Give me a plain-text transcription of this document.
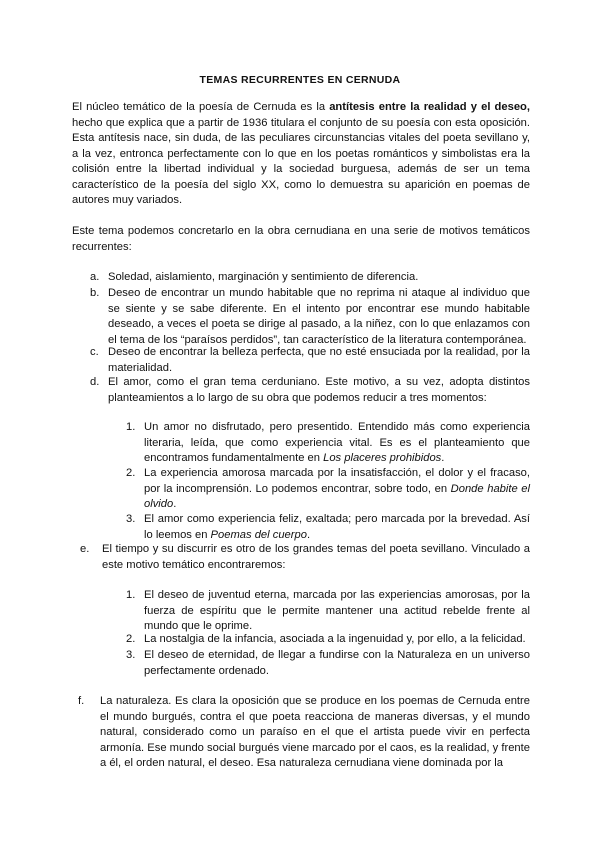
TEMAS RECURRENTES EN CERNUDA
El núcleo temático de la poesía de Cernuda es la antítesis entre la realidad y el deseo, hecho que explica que a partir de 1936 titulara el conjunto de su poesía con esta oposición. Esta antítesis nace, sin duda, de las peculiares circunstancias vitales del poeta sevillano y, a la vez, entronca perfectamente con lo que en los poetas románticos y simbolistas era la colisión entre la libertad individual y la sociedad burguesa, además de ser un tema característico de la poesía del siglo XX, como lo demuestra su aparición en poemas de autores muy variados.
Este tema podemos concretarlo en la obra cernudiana en una serie de motivos temáticos recurrentes:
a. Soledad, aislamiento, marginación y sentimiento de diferencia.
b. Deseo de encontrar un mundo habitable que no reprima ni ataque al individuo que se siente y se sabe diferente. En el intento por encontrar ese mundo habitable deseado, a veces el poeta se dirige al pasado, a la niñez, con lo que enlazamos con el tema de los “paraísos perdidos”, tan característico de la literatura contemporánea.
c. Deseo de encontrar la belleza perfecta, que no esté ensuciada por la realidad, por la materialidad.
d. El amor, como el gran tema cerduniano. Este motivo, a su vez, adopta distintos planteamientos a lo largo de su obra que podemos reducir a tres momentos:
1. Un amor no disfrutado, pero presentido. Entendido más como experiencia literaria, leída, que como experiencia vital. Es es el planteamiento que encontramos fundamentalmente en Los placeres prohibidos.
2. La experiencia amorosa marcada por la insatisfacción, el dolor y el fracaso, por la incomprensión. Lo podemos encontrar, sobre todo, en Donde habite el olvido.
3. El amor como experiencia feliz, exaltada; pero marcada por la brevedad. Así lo leemos en Poemas del cuerpo.
e. El tiempo y su discurrir es otro de los grandes temas del poeta sevillano. Vinculado a este motivo temático encontraremos:
1. El deseo de juventud eterna, marcada por las experiencias amorosas, por la fuerza de espíritu que le permite mantener una actitud rebelde frente al mundo que le oprime.
2. La nostalgia de la infancia, asociada a la ingenuidad y, por ello, a la felicidad.
3. El deseo de eternidad, de llegar a fundirse con la Naturaleza en un universo perfectamente ordenado.
f. La naturaleza. Es clara la oposición que se produce en los poemas de Cernuda entre el mundo burgués, contra el que poeta reacciona de maneras diversas, y el mundo natural, considerado como un paraíso en el que el artista puede vivir en perfecta armonía. Ese mundo social burgués viene marcado por el caos, es la realidad, y frente a él, el orden natural, el deseo. Esa naturaleza cernudiana viene dominada por la
